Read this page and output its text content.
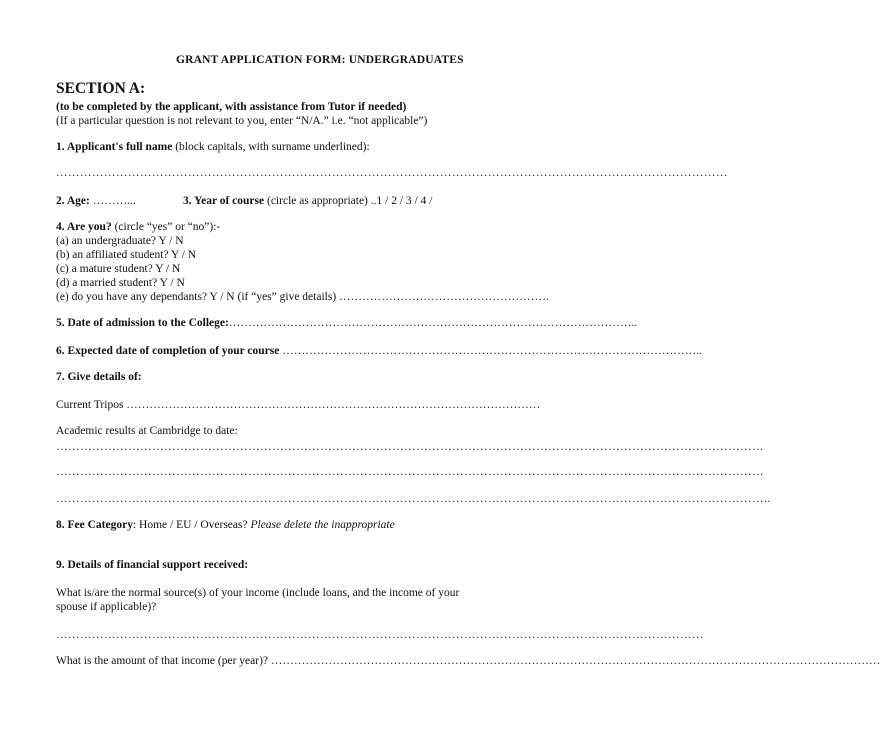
GRANT APPLICATION FORM: UNDERGRADUATES
SECTION A:
(to be completed by the applicant, with assistance from Tutor if needed)
(If a particular question is not relevant to you, enter “N/A.” i.e. “not applicable”)
1. Applicant's full name (block capitals, with surname underlined):
……………………………………………………………………………………………………………………………………………………
2. Age: ………...	3. Year of course (circle as appropriate) ..1 / 2 / 3 / 4 /
4. Are you? (circle “yes” or “no”):-
(a) an undergraduate? Y / N
(b) an affiliated student? Y / N
(c) a mature student? Y / N
(d) a married student? Y / N
(e) do you have any dependants? Y / N (if “yes” give details) ……………………………………………….
5. Date of admission to the College:……………………………………………………………………………………………..
6. Expected date of completion of your course ………………………………………………………………………………………………..
7. Give details of:
Current Tripos ………………………………………………………………………………………………
Academic results at Cambridge to date:
……………………………………………………………………………………………………………………………………………………………
……………………………………………………………………………………………………………………………………………………………
……………………………………………………………………………………………………………………………………………………………..
8. Fee Category: Home / EU / Overseas? Please delete the inappropriate
9. Details of financial support received:
What is/are the normal source(s) of your income (include loans, and the income of your
spouse if applicable)?
………………………………………………………………………………………………………………………………………………
What is the amount of that income (per year)? ……………………………………………………………………………………………………………………………………………
